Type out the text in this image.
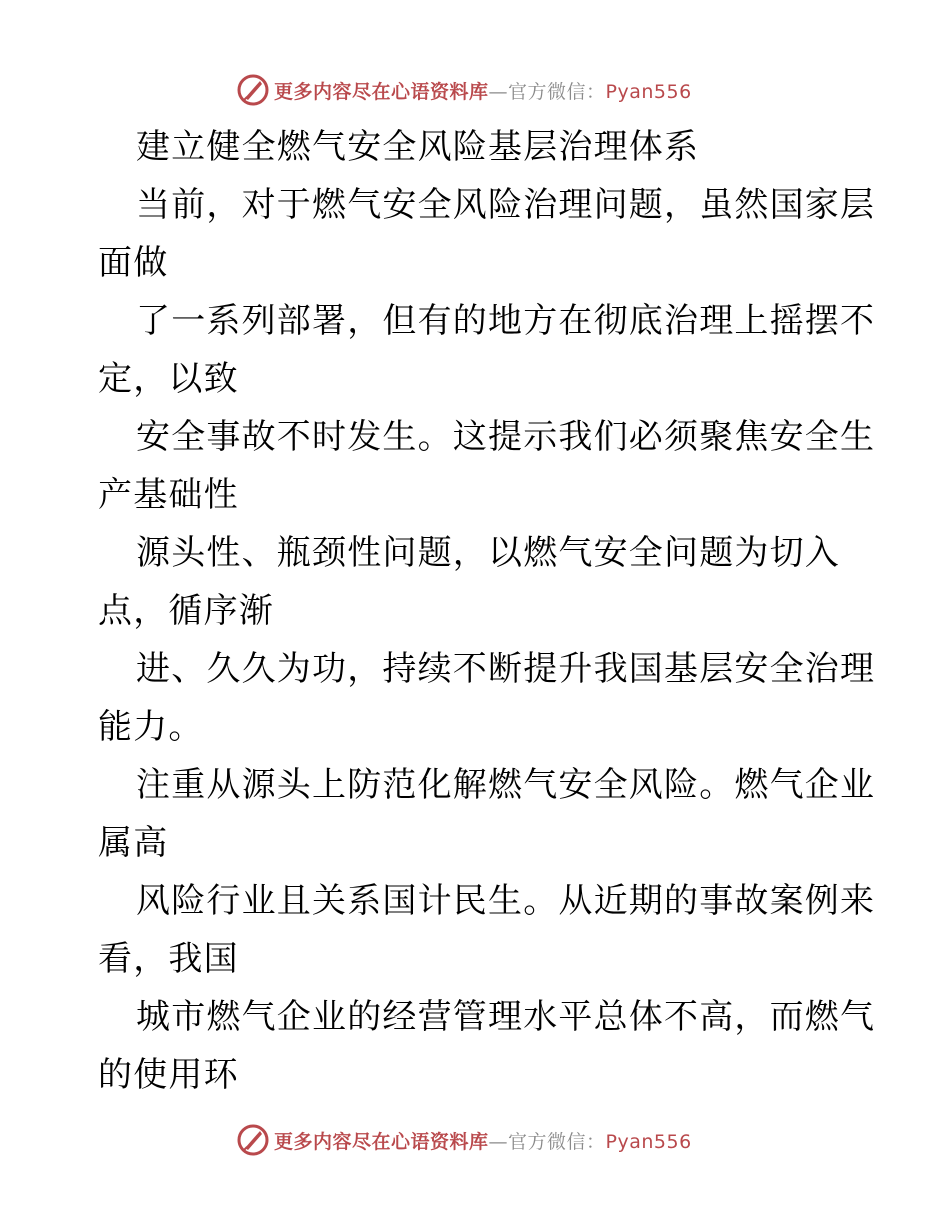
更多内容尽在心语资料库—官方微信：Pyan556
建立健全燃气安全风险基层治理体系
当前，对于燃气安全风险治理问题，虽然国家层
面做
了一系列部署，但有的地方在彻底治理上摇摆不
定，以致
安全事故不时发生。这提示我们必须聚焦安全生
产基础性
源头性、瓶颈性问题，以燃气安全问题为切入
点，循序渐
进、久久为功，持续不断提升我国基层安全治理
能力。
注重从源头上防范化解燃气安全风险。燃气企业
属高
风险行业且关系国计民生。从近期的事故案例来
看，我国
城市燃气企业的经营管理水平总体不高，而燃气
的使用环
更多内容尽在心语资料库—官方微信：Pyan556
